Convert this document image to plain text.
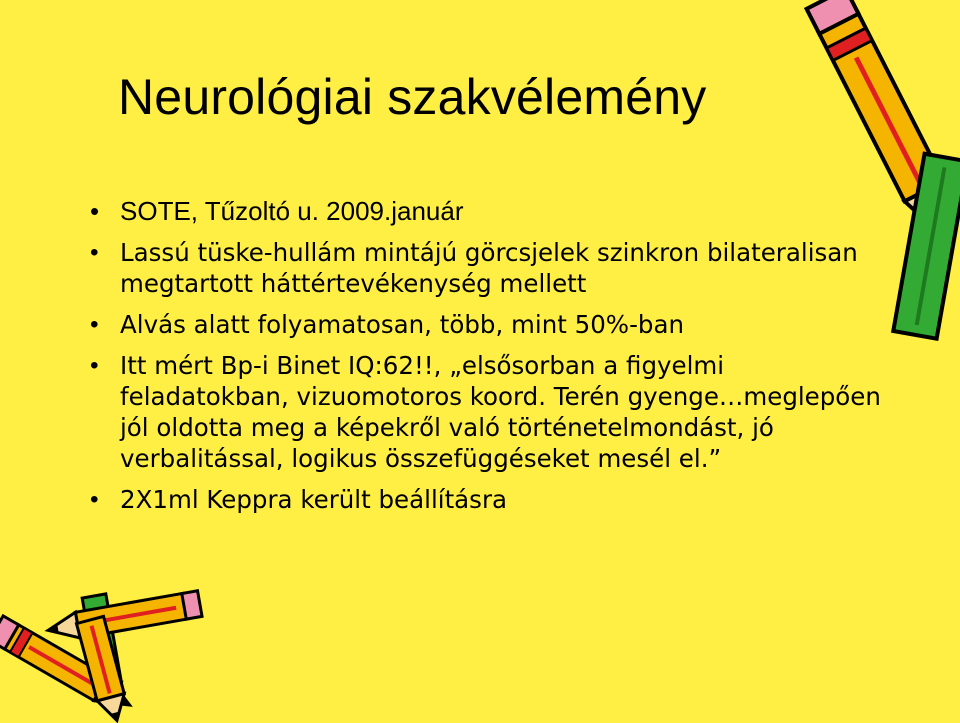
Neurológiai szakvélemény
• SOTE, Tűzoltó u. 2009.január
• Lassú tüske-hullám mintájú görcsjelek szinkron bilateralisan megtartott háttértevékenység mellett
• Alvás alatt folyamatosan, több, mint 50%-ban
• Itt mért Bp-i Binet IQ:62!!, „elsősorban a figyelmi feladatokban, vizuomotoros koord. Terén gyenge…meglepően jól oldotta meg a képekről való történetelmondást, jó verbalitással, logikus összefüggéseket mesél el.”
• 2X1ml Keppra került beállításra
